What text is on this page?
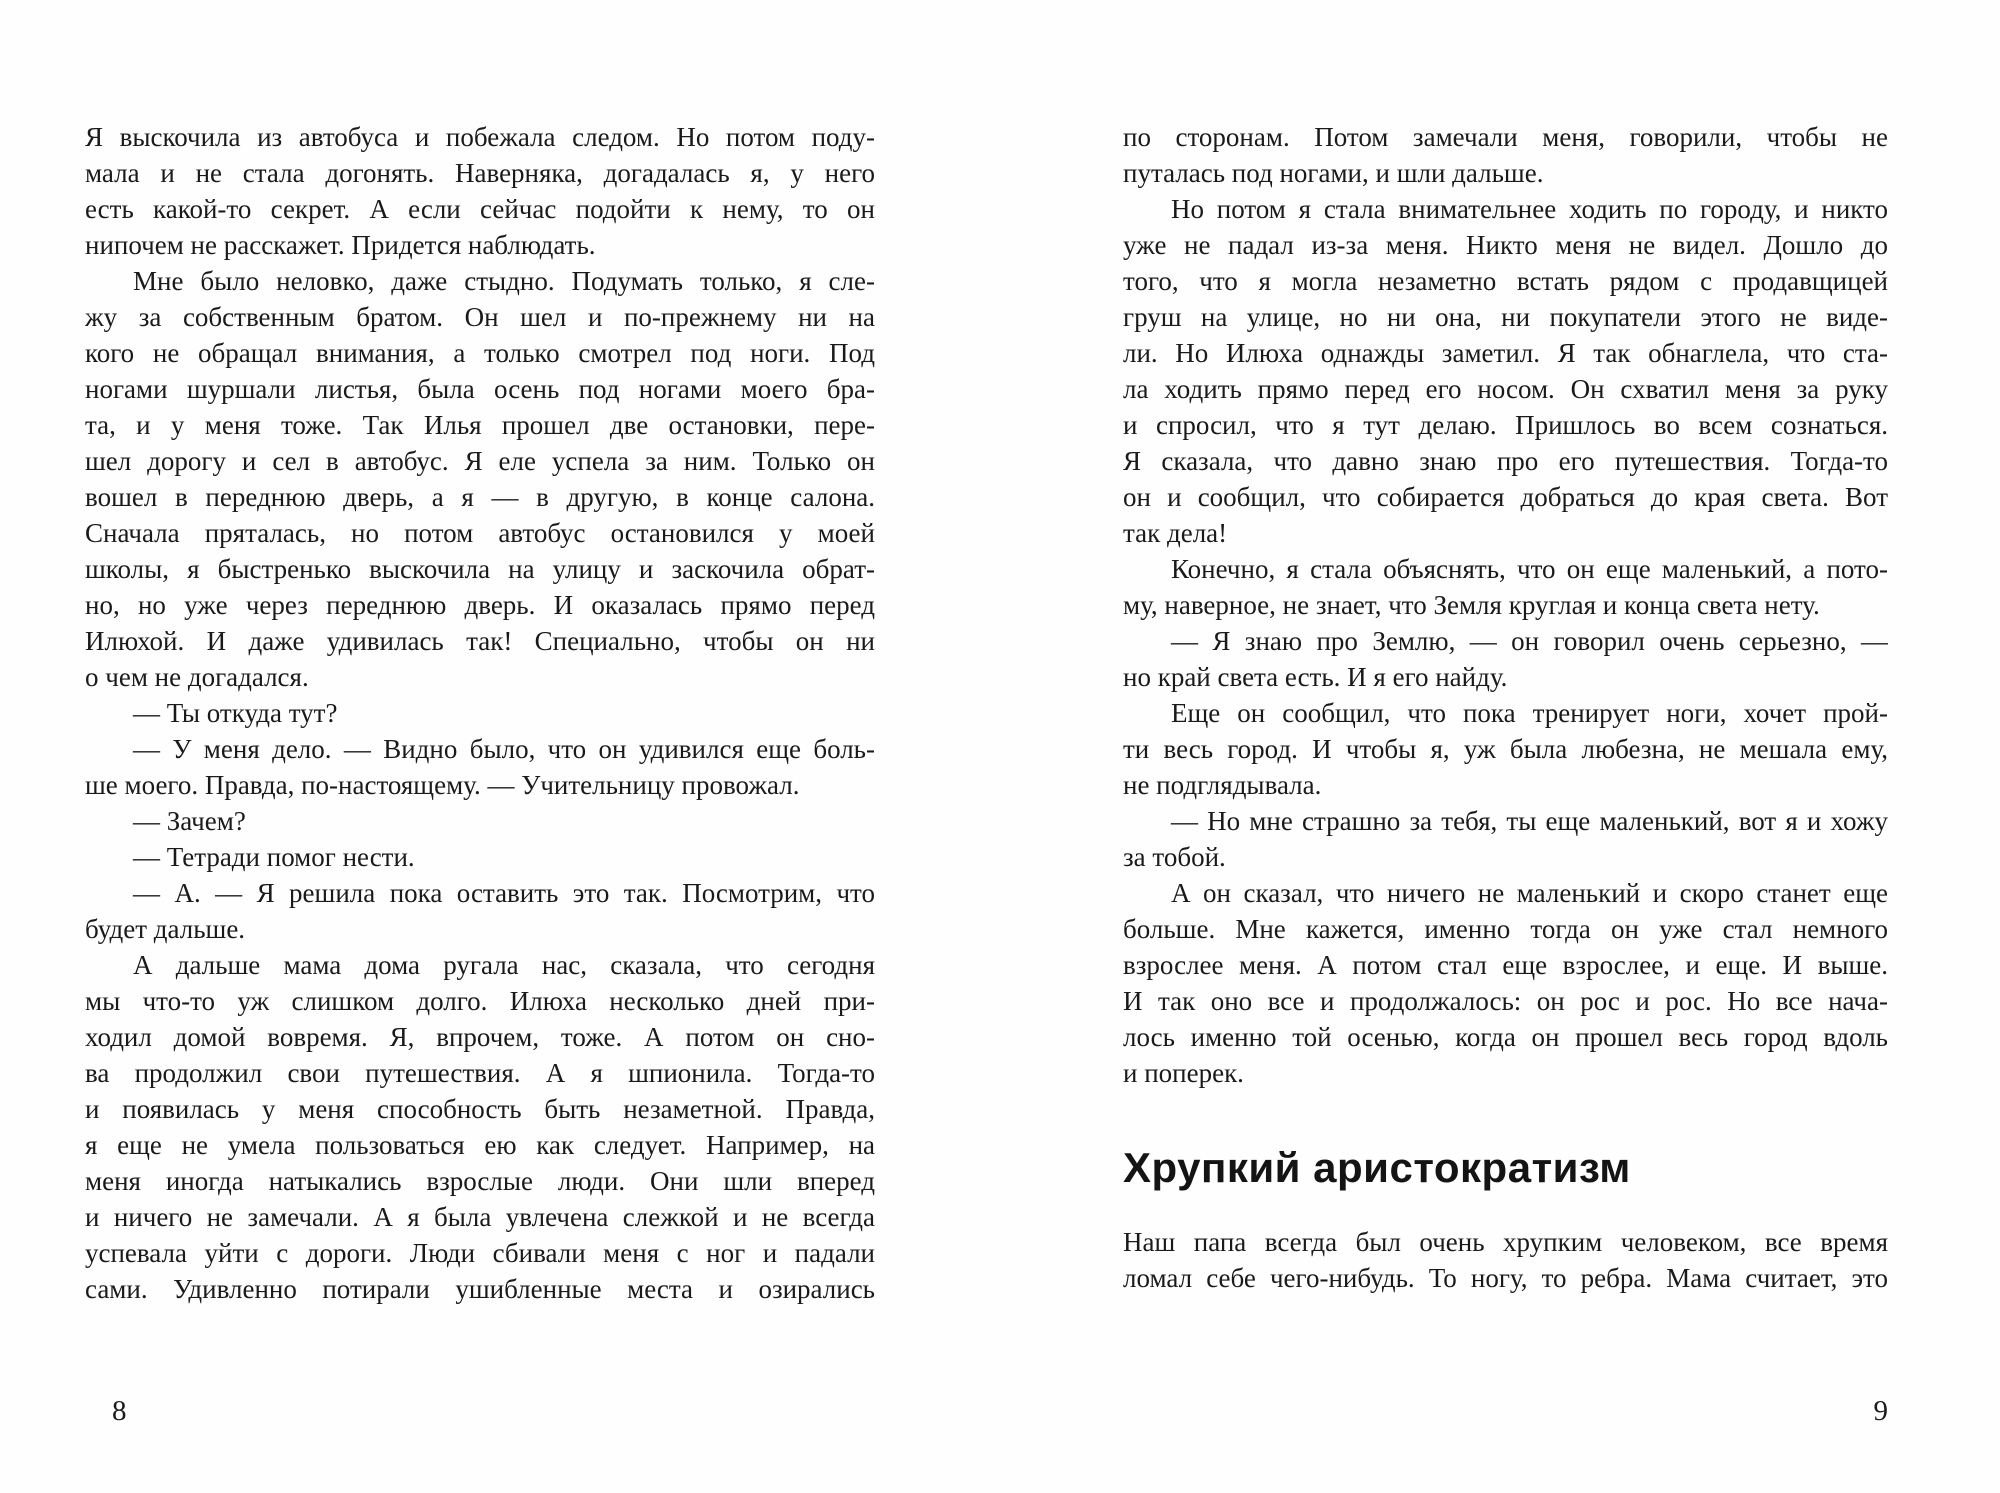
Я выскочила из автобуса и побежала следом. Но потом поду-
мала и не стала догонять. Наверняка, догадалась я, у него
есть какой-то секрет. А если сейчас подойти к нему, то он
нипочем не расскажет. Придется наблюдать.
Мне было неловко, даже стыдно. Подумать только, я сле-
жу за собственным братом. Он шел и по-прежнему ни на
кого не обращал внимания, а только смотрел под ноги. Под
ногами шуршали листья, была осень под ногами моего бра-
та, и у меня тоже. Так Илья прошел две остановки, пере-
шел дорогу и сел в автобус. Я еле успела за ним. Только он
вошел в переднюю дверь, а я — в другую, в конце салона.
Сначала пряталась, но потом автобус остановился у моей
школы, я быстренько выскочила на улицу и заскочила обрат-
но, но уже через переднюю дверь. И оказалась прямо перед
Илюхой. И даже удивилась так! Специально, чтобы он ни
о чем не догадался.
— Ты откуда тут?
— У меня дело. — Видно было, что он удивился еще боль-
ше моего. Правда, по-настоящему. — Учительницу провожал.
— Зачем?
— Тетради помог нести.
— А. — Я решила пока оставить это так. Посмотрим, что
будет дальше.
А дальше мама дома ругала нас, сказала, что сегодня
мы что-то уж слишком долго. Илюха несколько дней при-
ходил домой вовремя. Я, впрочем, тоже. А потом он сно-
ва продолжил свои путешествия. А я шпионила. Тогда-то
и появилась у меня способность быть незаметной. Правда,
я еще не умела пользоваться ею как следует. Например, на
меня иногда натыкались взрослые люди. Они шли вперед
и ничего не замечали. А я была увлечена слежкой и не всегда
успевала уйти с дороги. Люди сбивали меня с ног и падали
сами. Удивленно потирали ушибленные места и озирались
по сторонам. Потом замечали меня, говорили, чтобы не
путалась под ногами, и шли дальше.
Но потом я стала внимательнее ходить по городу, и никто
уже не падал из-за меня. Никто меня не видел. Дошло до
того, что я могла незаметно встать рядом с продавщицей
груш на улице, но ни она, ни покупатели этого не виде-
ли. Но Илюха однажды заметил. Я так обнаглела, что ста-
ла ходить прямо перед его носом. Он схватил меня за руку
и спросил, что я тут делаю. Пришлось во всем сознаться.
Я сказала, что давно знаю про его путешествия. Тогда-то
он и сообщил, что собирается добраться до края света. Вот
так дела!
Конечно, я стала объяснять, что он еще маленький, а пото-
му, наверное, не знает, что Земля круглая и конца света нету.
— Я знаю про Землю, — он говорил очень серьезно, —
но край света есть. И я его найду.
Еще он сообщил, что пока тренирует ноги, хочет прой-
ти весь город. И чтобы я, уж была любезна, не мешала ему,
не подглядывала.
— Но мне страшно за тебя, ты еще маленький, вот я и хожу
за тобой.
А он сказал, что ничего не маленький и скоро станет еще
больше. Мне кажется, именно тогда он уже стал немного
взрослее меня. А потом стал еще взрослее, и еще. И выше.
И так оно все и продолжалось: он рос и рос. Но все нача-
лось именно той осенью, когда он прошел весь город вдоль
и поперек.
Хрупкий аристократизм
Наш папа всегда был очень хрупким человеком, все время
ломал себе чего-нибудь. То ногу, то ребра. Мама считает, это
8	9
